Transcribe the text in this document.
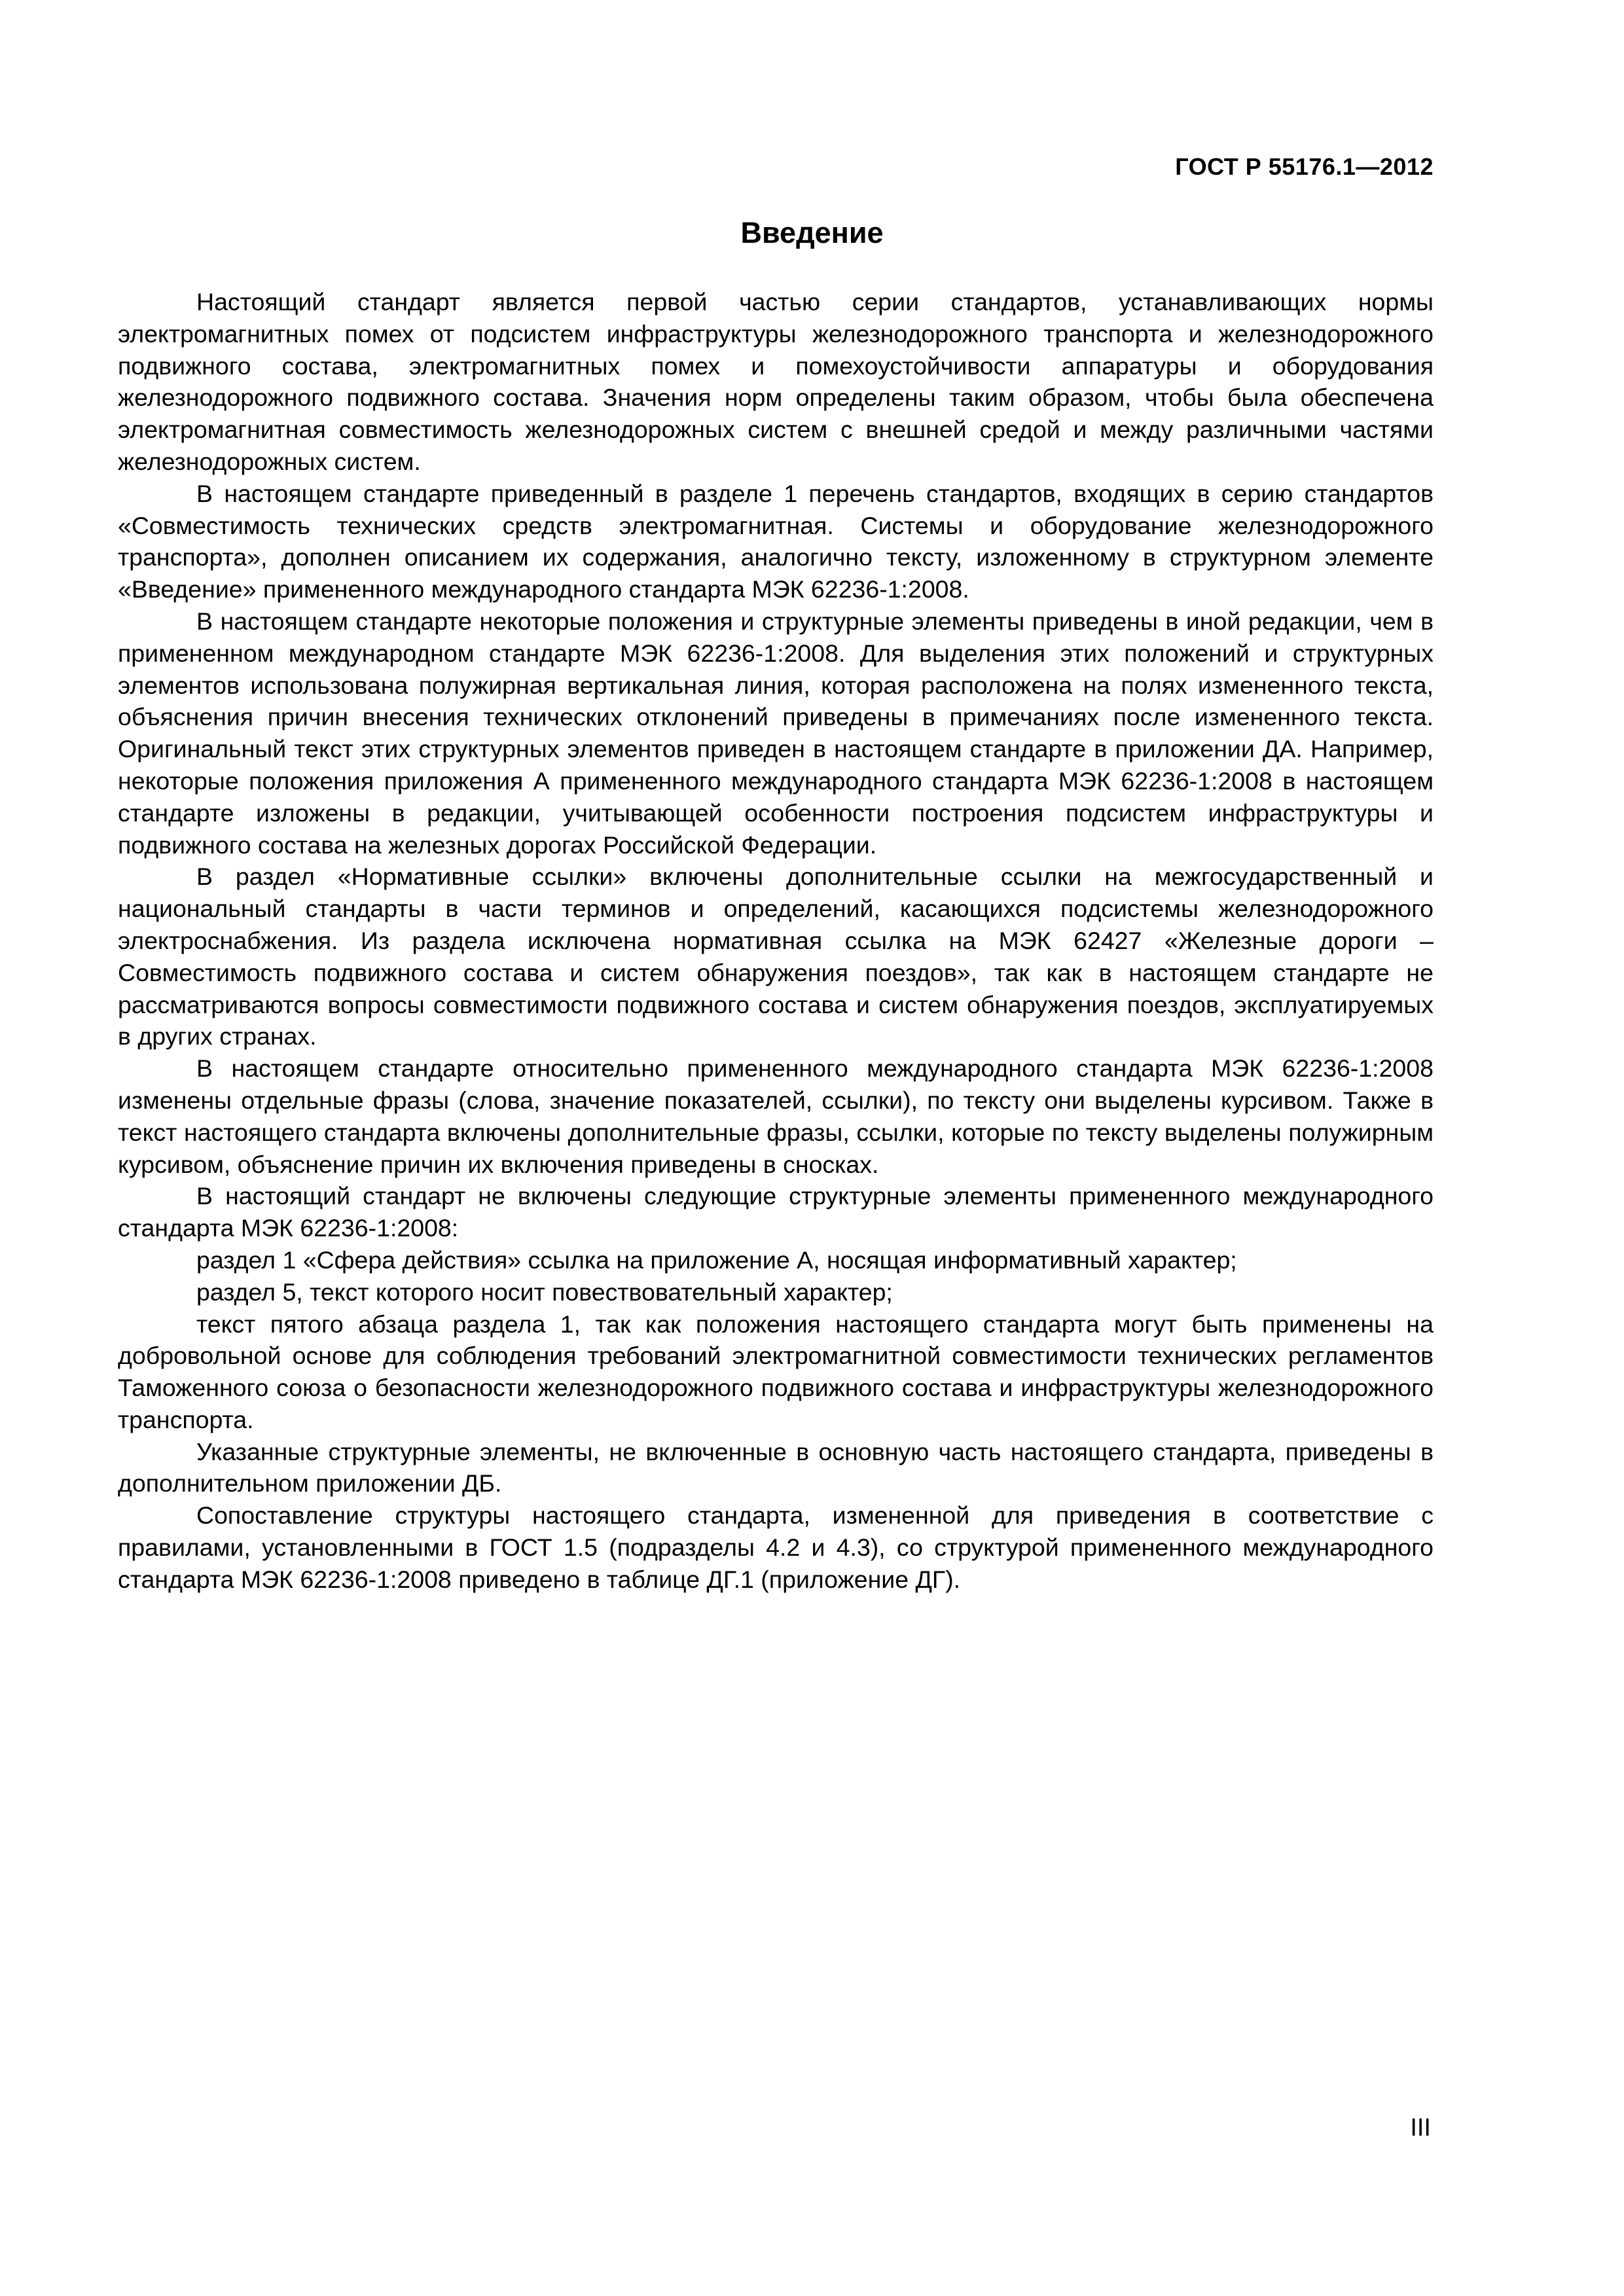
ГОСТ Р 55176.1—2012
Введение

Настоящий стандарт является первой частью серии стандартов, устанавливающих нормы электромагнитных помех от подсистем инфраструктуры железнодорожного транспорта и железнодорожного подвижного состава, электромагнитных помех и помехоустойчивости аппаратуры и оборудования железнодорожного подвижного состава. Значения норм определены таким образом, чтобы была обеспечена электромагнитная совместимость железнодорожных систем с внешней средой и между различными частями железнодорожных систем.

В настоящем стандарте приведенный в разделе 1 перечень стандартов, входящих в серию стандартов «Совместимость технических средств электромагнитная. Системы и оборудование железнодорожного транспорта», дополнен описанием их содержания, аналогично тексту, изложенному в структурном элементе «Введение» примененного международного стандарта МЭК 62236-1:2008.

В настоящем стандарте некоторые положения и структурные элементы приведены в иной редакции, чем в примененном международном стандарте МЭК 62236-1:2008. Для выделения этих положений и структурных элементов использована полужирная вертикальная линия, которая расположена на полях измененного текста, объяснения причин внесения технических отклонений приведены в примечаниях после измененного текста. Оригинальный текст этих структурных элементов приведен в настоящем стандарте в приложении ДА. Например, некоторые положения приложения А примененного международного стандарта МЭК 62236-1:2008 в настоящем стандарте изложены в редакции, учитывающей особенности построения подсистем инфраструктуры и подвижного состава на железных дорогах Российской Федерации.

В раздел «Нормативные ссылки» включены дополнительные ссылки на межгосударственный и национальный стандарты в части терминов и определений, касающихся подсистемы железнодорожного электроснабжения. Из раздела исключена нормативная ссылка на МЭК 62427 «Железные дороги – Совместимость подвижного состава и систем обнаружения поездов», так как в настоящем стандарте не рассматриваются вопросы совместимости подвижного состава и систем обнаружения поездов, эксплуатируемых в других странах.

В настоящем стандарте относительно примененного международного стандарта МЭК 62236-1:2008 изменены отдельные фразы (слова, значение показателей, ссылки), по тексту они выделены курсивом. Также в текст настоящего стандарта включены дополнительные фразы, ссылки, которые по тексту выделены полужирным курсивом, объяснение причин их включения приведены в сносках.

В настоящий стандарт не включены следующие структурные элементы примененного международного стандарта МЭК 62236-1:2008:

раздел 1 «Сфера действия» ссылка на приложение А, носящая информативный характер;

раздел 5, текст которого носит повествовательный характер;

текст пятого абзаца раздела 1, так как положения настоящего стандарта могут быть применены на добровольной основе для соблюдения требований электромагнитной совместимости технических регламентов Таможенного союза о безопасности железнодорожного подвижного состава и инфраструктуры железнодорожного транспорта.

Указанные структурные элементы, не включенные в основную часть настоящего стандарта, приведены в дополнительном приложении ДБ.

Сопоставление структуры настоящего стандарта, измененной для приведения в соответствие с правилами, установленными в ГОСТ 1.5 (подразделы 4.2 и 4.3), со структурой примененного международного стандарта МЭК 62236-1:2008 приведено в таблице ДГ.1 (приложение ДГ).

III
